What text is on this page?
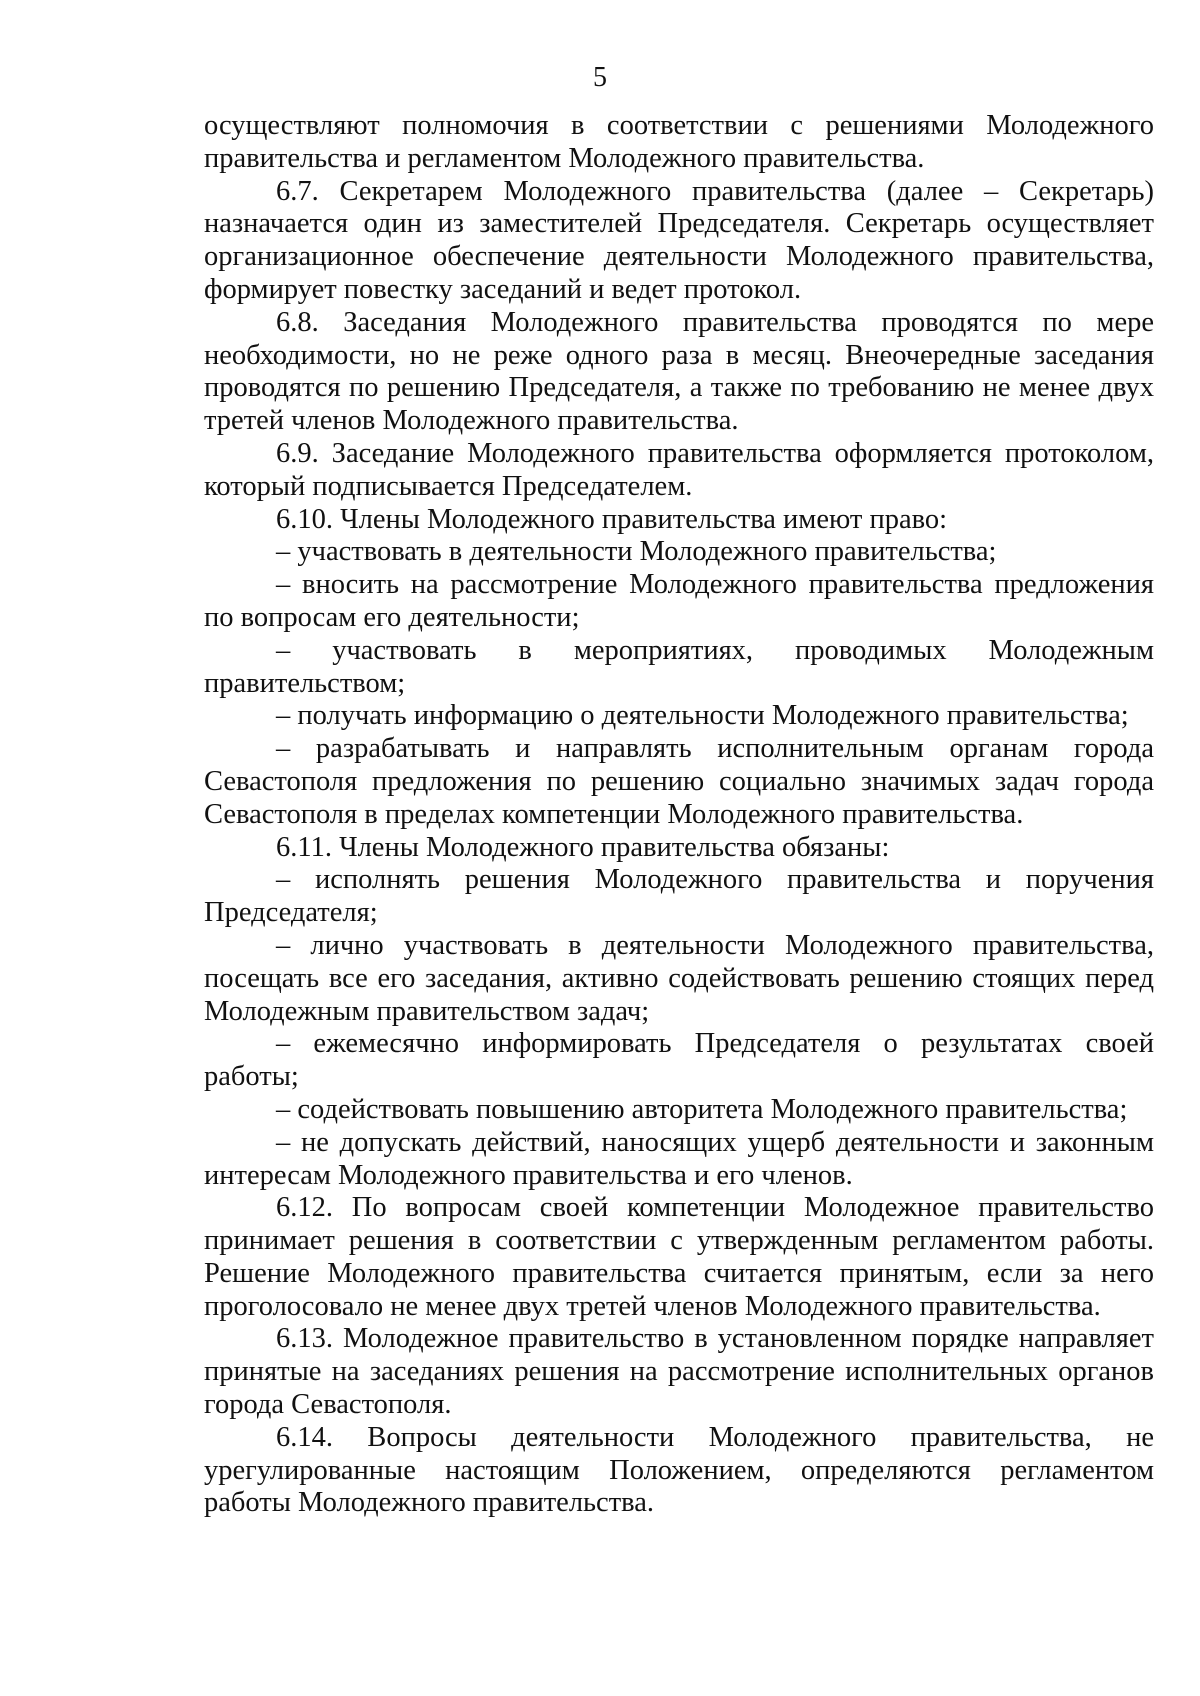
5

осуществляют полномочия в соответствии с решениями Молодежного правительства и регламентом Молодежного правительства.

6.7. Секретарем Молодежного правительства (далее – Секретарь) назначается один из заместителей Председателя. Секретарь осуществляет организационное обеспечение деятельности Молодежного правительства, формирует повестку заседаний и ведет протокол.

6.8. Заседания Молодежного правительства проводятся по мере необходимости, но не реже одного раза в месяц. Внеочередные заседания проводятся по решению Председателя, а также по требованию не менее двух третей членов Молодежного правительства.

6.9. Заседание Молодежного правительства оформляется протоколом, который подписывается Председателем.

6.10. Члены Молодежного правительства имеют право:

– участвовать в деятельности Молодежного правительства;

– вносить на рассмотрение Молодежного правительства предложения по вопросам его деятельности;

– участвовать в мероприятиях, проводимых Молодежным правительством;

– получать информацию о деятельности Молодежного правительства;

– разрабатывать и направлять исполнительным органам города Севастополя предложения по решению социально значимых задач города Севастополя в пределах компетенции Молодежного правительства.

6.11. Члены Молодежного правительства обязаны:

– исполнять решения Молодежного правительства и поручения Председателя;

– лично участвовать в деятельности Молодежного правительства, посещать все его заседания, активно содействовать решению стоящих перед Молодежным правительством задач;

– ежемесячно информировать Председателя о результатах своей работы;

– содействовать повышению авторитета Молодежного правительства;

– не допускать действий, наносящих ущерб деятельности и законным интересам Молодежного правительства и его членов.

6.12. По вопросам своей компетенции Молодежное правительство принимает решения в соответствии с утвержденным регламентом работы. Решение Молодежного правительства считается принятым, если за него проголосовало не менее двух третей членов Молодежного правительства.

6.13. Молодежное правительство в установленном порядке направляет принятые на заседаниях решения на рассмотрение исполнительных органов города Севастополя.

6.14. Вопросы деятельности Молодежного правительства, не урегулированные настоящим Положением, определяются регламентом работы Молодежного правительства.
